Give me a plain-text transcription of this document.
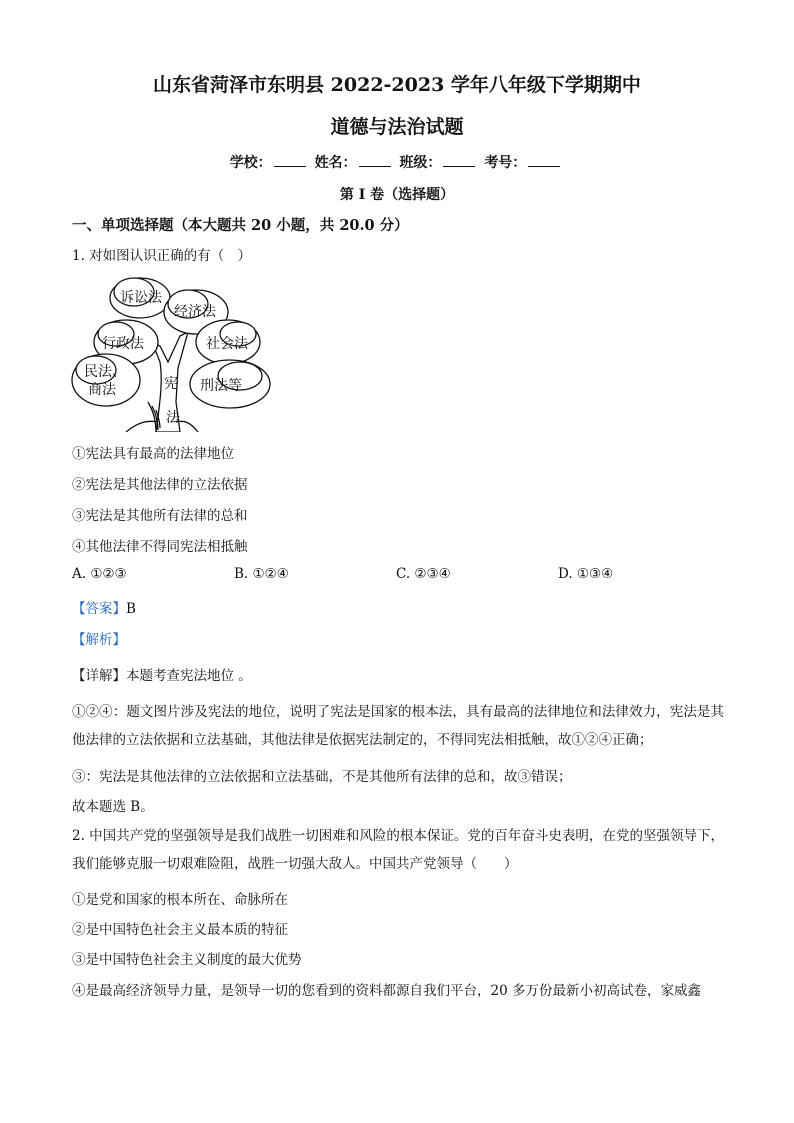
山东省菏泽市东明县 2022-2023 学年八年级下学期期中
道德与法治试题
学校：	姓名：	班级：	考号：
第 I 卷（选择题）
一、单项选择题（本大题共 20 小题，共 20.0 分）
1. 对如图认识正确的有（　）
诉讼法
经济法
行政法	社会法
民法、
商法	刑法等
宪
法
①宪法具有最高的法律地位
②宪法是其他法律的立法依据
③宪法是其他所有法律的总和
④其他法律不得同宪法相抵触
A. ①②③	B. ①②④	C. ②③④	D. ①③④
【答案】B
【解析】
【详解】本题考查宪法地位 。
①②④：题文图片涉及宪法的地位，说明了宪法是国家的根本法，具有最高的法律地位和法律效力，宪法是其他法律的立法依据和立法基础，其他法律是依据宪法制定的，不得同宪法相抵触，故①②④正确；
③：宪法是其他法律的立法依据和立法基础，不是其他所有法律的总和，故③错误；
故本题选 B。
2. 中国共产党的坚强领导是我们战胜一切困难和风险的根本保证。党的百年奋斗史表明，在党的坚强领导下，我们能够克服一切艰难险阻，战胜一切强大敌人。中国共产党领导（　　）
①是党和国家的根本所在、命脉所在
②是中国特色社会主义最本质的特征
③是中国特色社会主义制度的最大优势
④是最高经济领导力量，是领导一切的您看到的资料都源自我们平台，20 多万份最新小初高试卷，家威鑫
